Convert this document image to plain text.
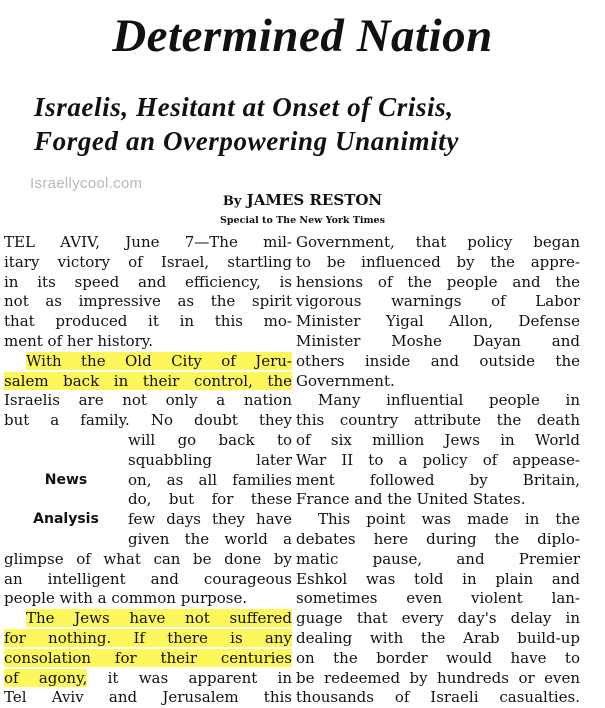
Determined Nation
Israelis, Hesitant at Onset of Crisis,
Forged an Overpowering Unanimity
Israellycool.com
By JAMES RESTON
Special to The New York Times
TEL AVIV, June 7—The mil-
itary victory of Israel, startling
in its speed and efficiency, is
not as impressive as the spirit
that produced it in this mo-
ment of her history.
With the Old City of Jeru-
salem back in their control, the
Israelis are not only a nation
but a family. No doubt they
will go back to
squabbling later
News	on, as all families
do, but for these
Analysis	few days they have
given the world a
glimpse of what can be done by
an intelligent and courageous
people with a common purpose.
The Jews have not suffered
for nothing. If there is any
consolation for their centuries
of agony, it was apparent in
Tel Aviv and Jerusalem this
Government, that policy began
to be influenced by the appre-
hensions of the people and the
vigorous warnings of Labor
Minister Yigal Allon, Defense
Minister Moshe Dayan and
others inside and outside the
Government.
Many influential people in
this country attribute the death
of six million Jews in World
War II to a policy of appease-
ment followed by Britain,
France and the United States.
This point was made in the
debates here during the diplo-
matic pause, and Premier
Eshkol was told in plain and
sometimes even violent lan-
guage that every day's delay in
dealing with the Arab build-up
on the border would have to
be redeemed by hundreds or even
thousands of Israeli casualties.
